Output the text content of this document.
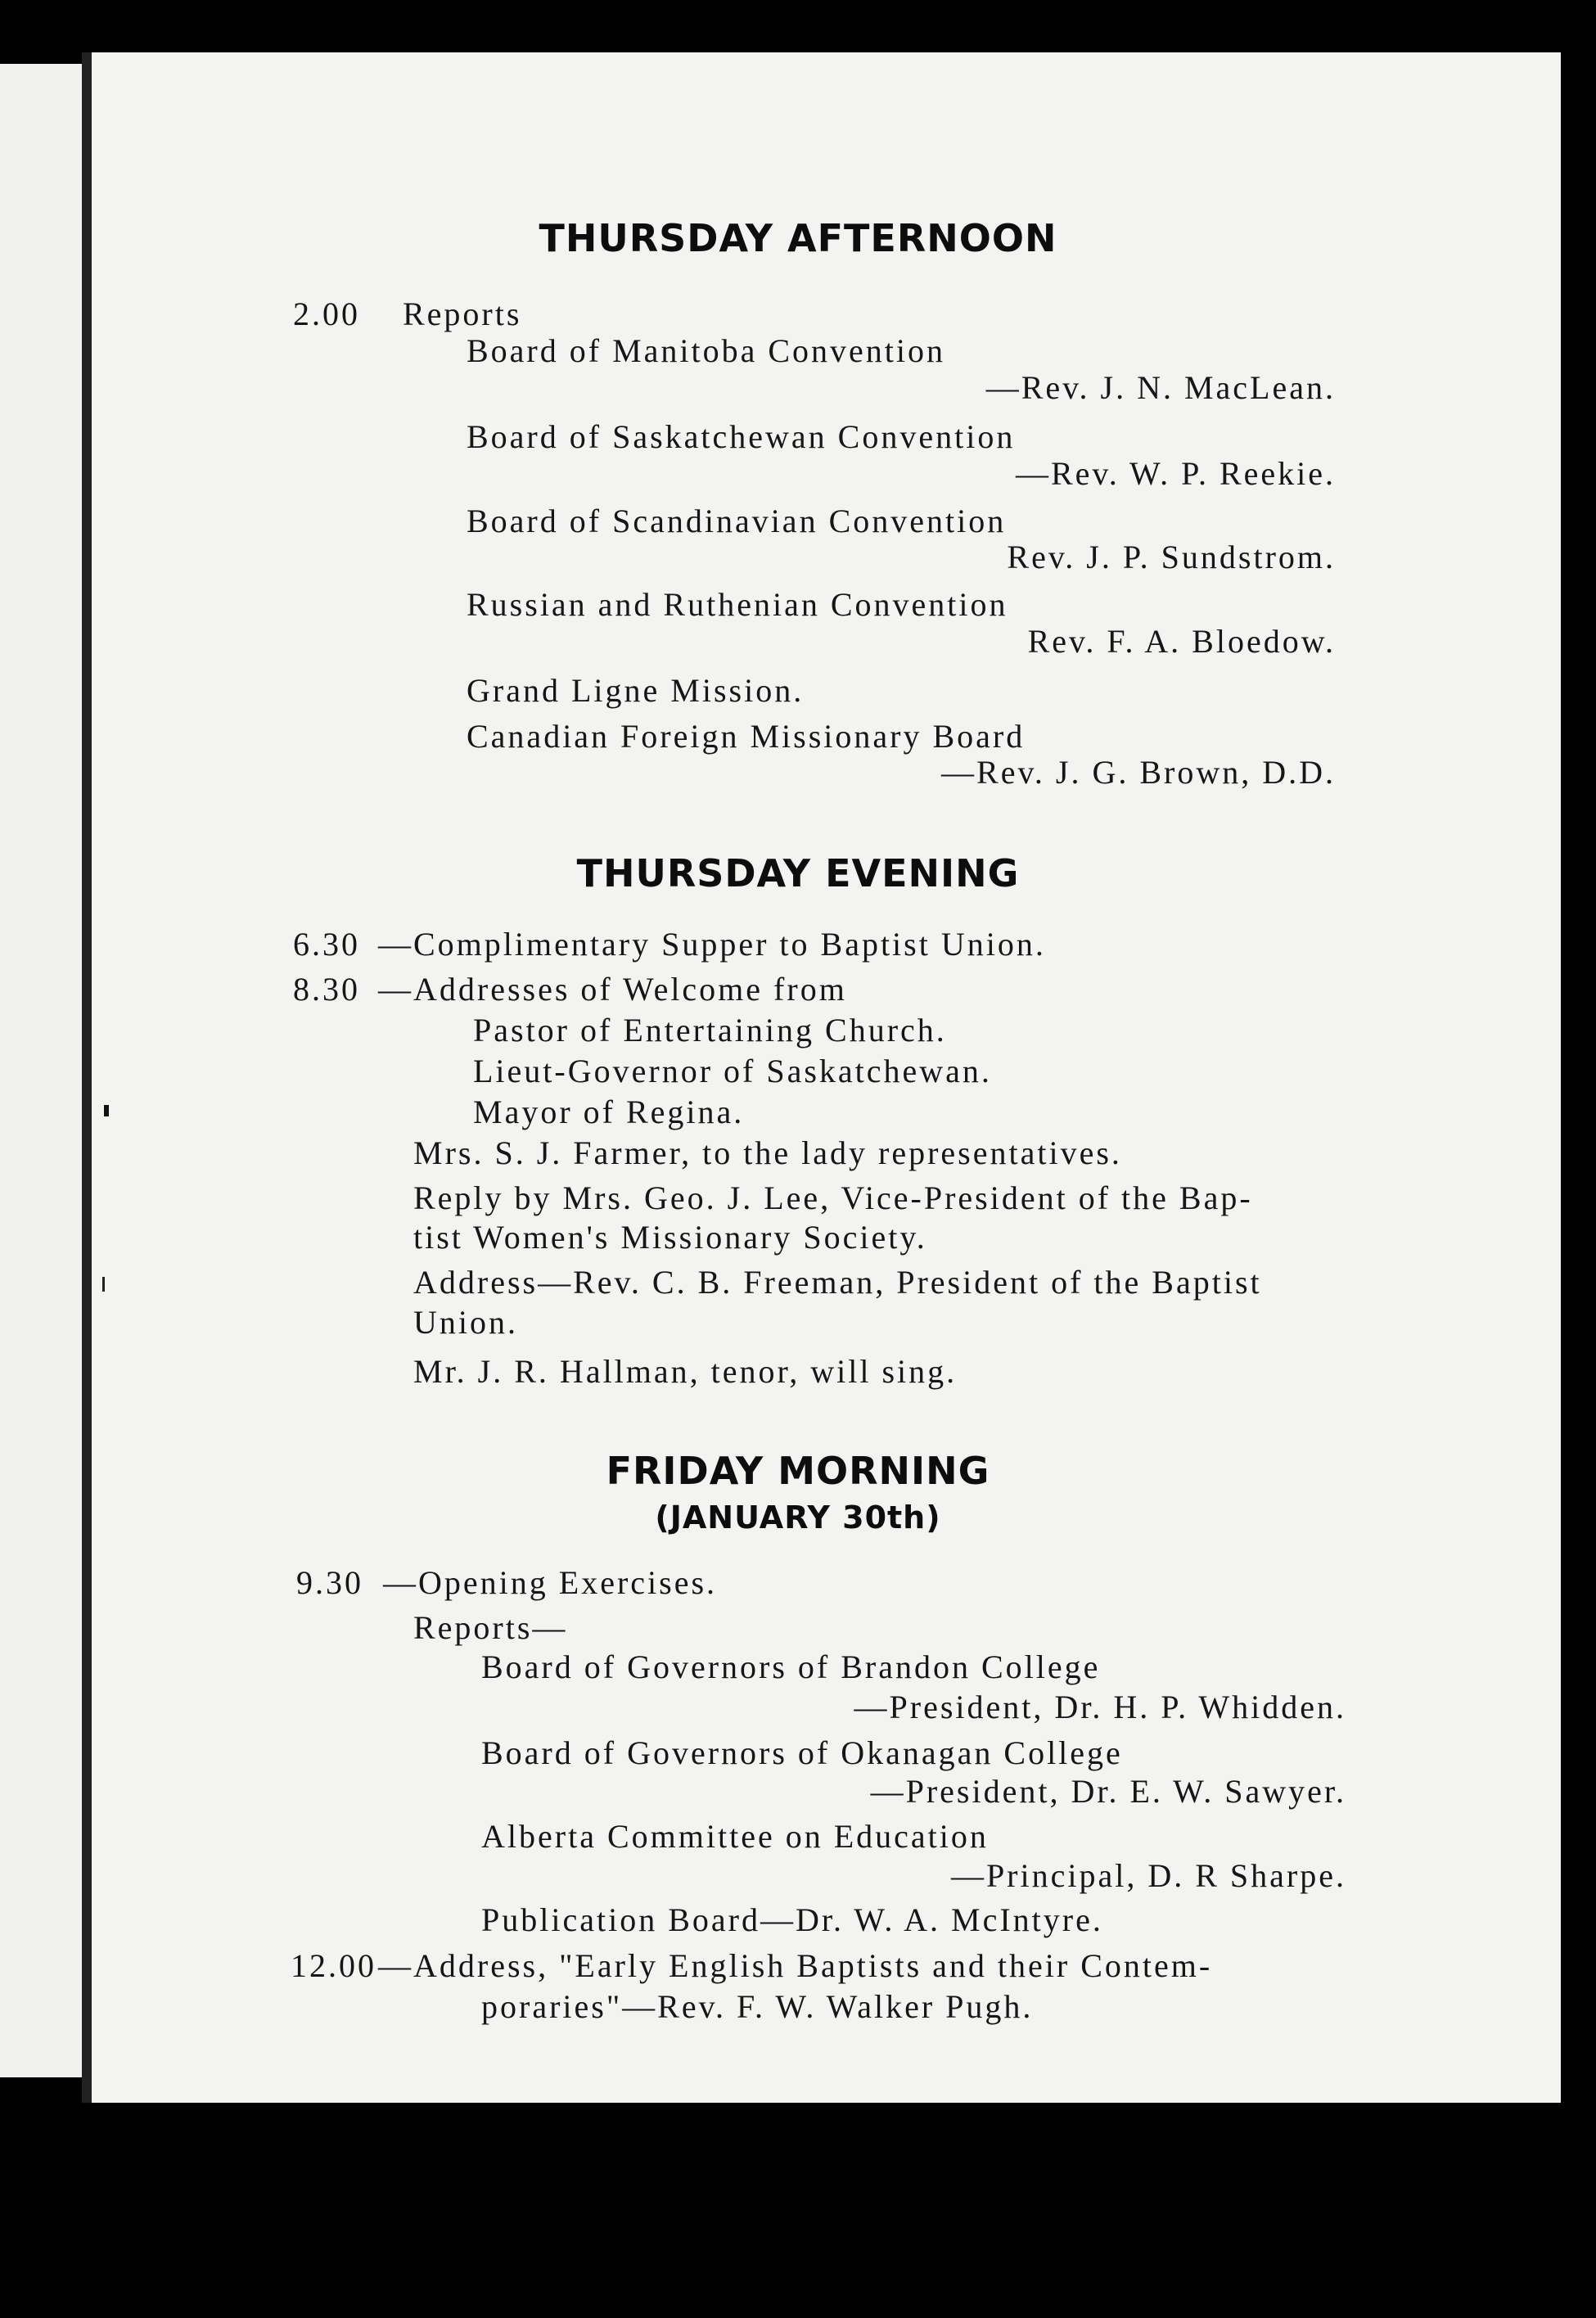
THURSDAY AFTERNOON
2.00 Reports
Board of Manitoba Convention
—Rev. J. N. MacLean.
Board of Saskatchewan Convention
—Rev. W. P. Reekie.
Board of Scandinavian Convention
Rev. J. P. Sundstrom.
Russian and Ruthenian Convention
Rev. F. A. Bloedow.
Grand Ligne Mission.
Canadian Foreign Missionary Board
—Rev. J. G. Brown, D.D.
THURSDAY EVENING
6.30 —Complimentary Supper to Baptist Union.
8.30 —Addresses of Welcome from
Pastor of Entertaining Church.
Lieut-Governor of Saskatchewan.
Mayor of Regina.
Mrs. S. J. Farmer, to the lady representatives.
Reply by Mrs. Geo. J. Lee, Vice-President of the Bap-
tist Women's Missionary Society.
Address—Rev. C. B. Freeman, President of the Baptist
Union.
Mr. J. R. Hallman, tenor, will sing.
FRIDAY MORNING
(JANUARY 30th)
9.30 —Opening Exercises.
Reports—
Board of Governors of Brandon College
—President, Dr. H. P. Whidden.
Board of Governors of Okanagan College
—President, Dr. E. W. Sawyer.
Alberta Committee on Education
—Principal, D. R Sharpe.
Publication Board—Dr. W. A. McIntyre.
12.00 —Address, "Early English Baptists and their Contem-
poraries"—Rev. F. W. Walker Pugh.
